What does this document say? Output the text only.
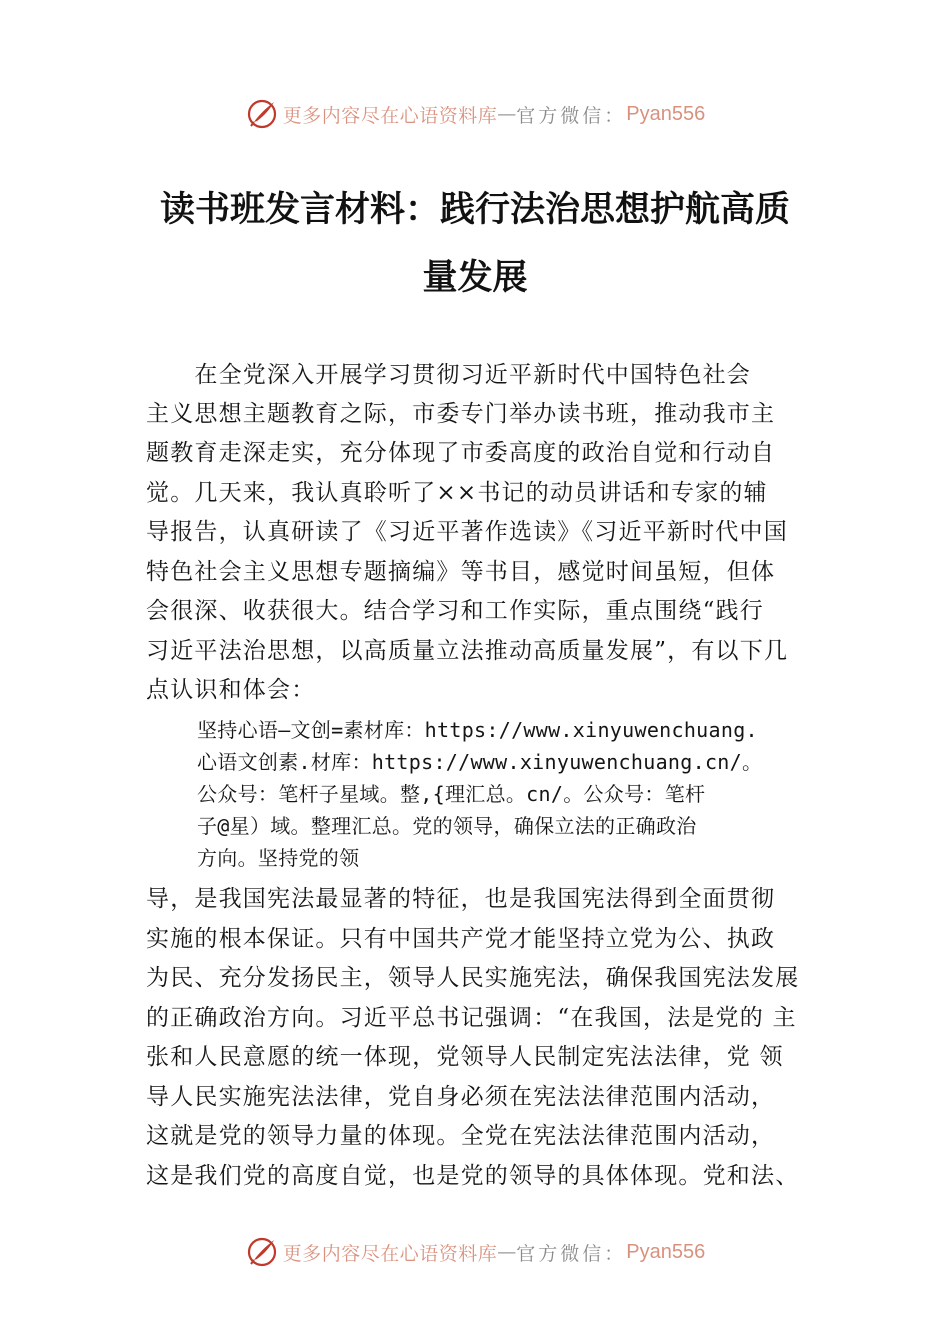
更多内容尽在心语资料库 — 官方微信： Pyan556
读书班发言材料：践行法治思想护航高质
量发展
　　在全党深入开展学习贯彻习近平新时代中国特色社会
主义思想主题教育之际，市委专门举办读书班，推动我市主
题教育走深走实，充分体现了市委高度的政治自觉和行动自
觉。几天来，我认真聆听了××书记的动员讲话和专家的辅
导报告，认真研读了《习近平著作选读》《习近平新时代中国
特色社会主义思想专题摘编》等书目，感觉时间虽短，但体
会很深、收获很大。结合学习和工作实际，重点围绕“践行
习近平法治思想，以高质量立法推动高质量发展”，有以下几
点认识和体会：
坚持心语—文创=素材库：https://www.xinyuwenchuang.
心语文创素.材库：https://www.xinyuwenchuang.cn/。
公众号：笔杆子星域。整,{理汇总。cn/。公众号：笔杆
子@星）域。整理汇总。党的领导，确保立法的正确政治
方向。坚持党的领
导，是我国宪法最显著的特征，也是我国宪法得到全面贯彻
实施的根本保证。只有中国共产党才能坚持立党为公、执政
为民、充分发扬民主，领导人民实施宪法，确保我国宪法发展
的正确政治方向。习近平总书记强调：“在我国，法是党的 主
张和人民意愿的统一体现，党领导人民制定宪法法律，党 领
导人民实施宪法法律，党自身必须在宪法法律范围内活动，
这就是党的领导力量的体现。全党在宪法法律范围内活动，
这是我们党的高度自觉，也是党的领导的具体体现。党和法、
更多内容尽在心语资料库 — 官方微信： Pyan556
